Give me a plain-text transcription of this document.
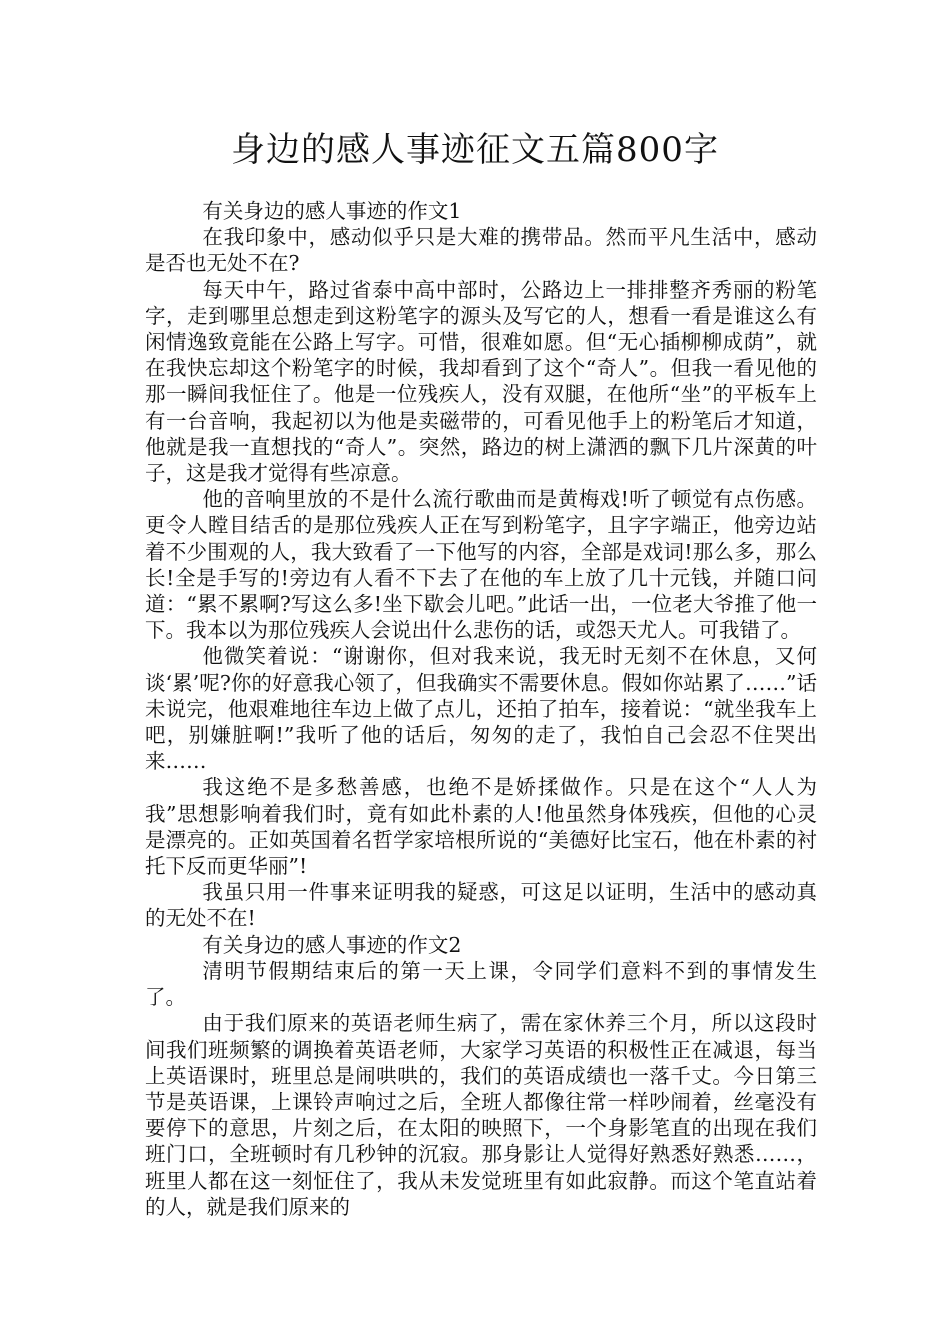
身边的感人事迹征文五篇800字

有关身边的感人事迹的作文1

在我印象中，感动似乎只是大难的携带品。然而平凡生活中，感动是否也无处不在?

每天中午，路过省泰中高中部时，公路边上一排排整齐秀丽的粉笔字，走到哪里总想走到这粉笔字的源头及写它的人，想看一看是谁这么有闲情逸致竟能在公路上写字。可惜，很难如愿。但“无心插柳柳成荫”，就在我快忘却这个粉笔字的时候，我却看到了这个“奇人”。但我一看见他的那一瞬间我怔住了。他是一位残疾人，没有双腿，在他所“坐”的平板车上有一台音响，我起初以为他是卖磁带的，可看见他手上的粉笔后才知道，他就是我一直想找的“奇人”。突然，路边的树上潇洒的飘下几片深黄的叶子，这是我才觉得有些凉意。

他的音响里放的不是什么流行歌曲而是黄梅戏!听了顿觉有点伤感。更令人瞠目结舌的是那位残疾人正在写到粉笔字，且字字端正，他旁边站着不少围观的人，我大致看了一下他写的内容，全部是戏词!那么多，那么长!全是手写的!旁边有人看不下去了在他的车上放了几十元钱，并随口问道：“累不累啊?写这么多!坐下歇会儿吧。”此话一出，一位老大爷推了他一下。我本以为那位残疾人会说出什么悲伤的话，或怨天尤人。可我错了。

他微笑着说：“谢谢你，但对我来说，我无时无刻不在休息，又何谈‘累’呢?你的好意我心领了，但我确实不需要休息。假如你站累了……”话未说完，他艰难地往车边上做了点儿，还拍了拍车，接着说：“就坐我车上吧，别嫌脏啊!”我听了他的话后，匆匆的走了，我怕自己会忍不住哭出来……

我这绝不是多愁善感，也绝不是娇揉做作。只是在这个“人人为我”思想影响着我们时，竟有如此朴素的人!他虽然身体残疾，但他的心灵是漂亮的。正如英国着名哲学家培根所说的“美德好比宝石，他在朴素的衬托下反而更华丽”!

我虽只用一件事来证明我的疑惑，可这足以证明，生活中的感动真的无处不在!

有关身边的感人事迹的作文2

清明节假期结束后的第一天上课，令同学们意料不到的事情发生了。

由于我们原来的英语老师生病了，需在家休养三个月，所以这段时间我们班频繁的调换着英语老师，大家学习英语的积极性正在减退，每当上英语课时，班里总是闹哄哄的，我们的英语成绩也一落千丈。今日第三节是英语课，上课铃声响过之后，全班人都像往常一样吵闹着，丝毫没有要停下的意思，片刻之后，在太阳的映照下，一个身影笔直的出现在我们班门口，全班顿时有几秒钟的沉寂。那身影让人觉得好熟悉好熟悉……，班里人都在这一刻怔住了，我从未发觉班里有如此寂静。而这个笔直站着的人，就是我们原来的
